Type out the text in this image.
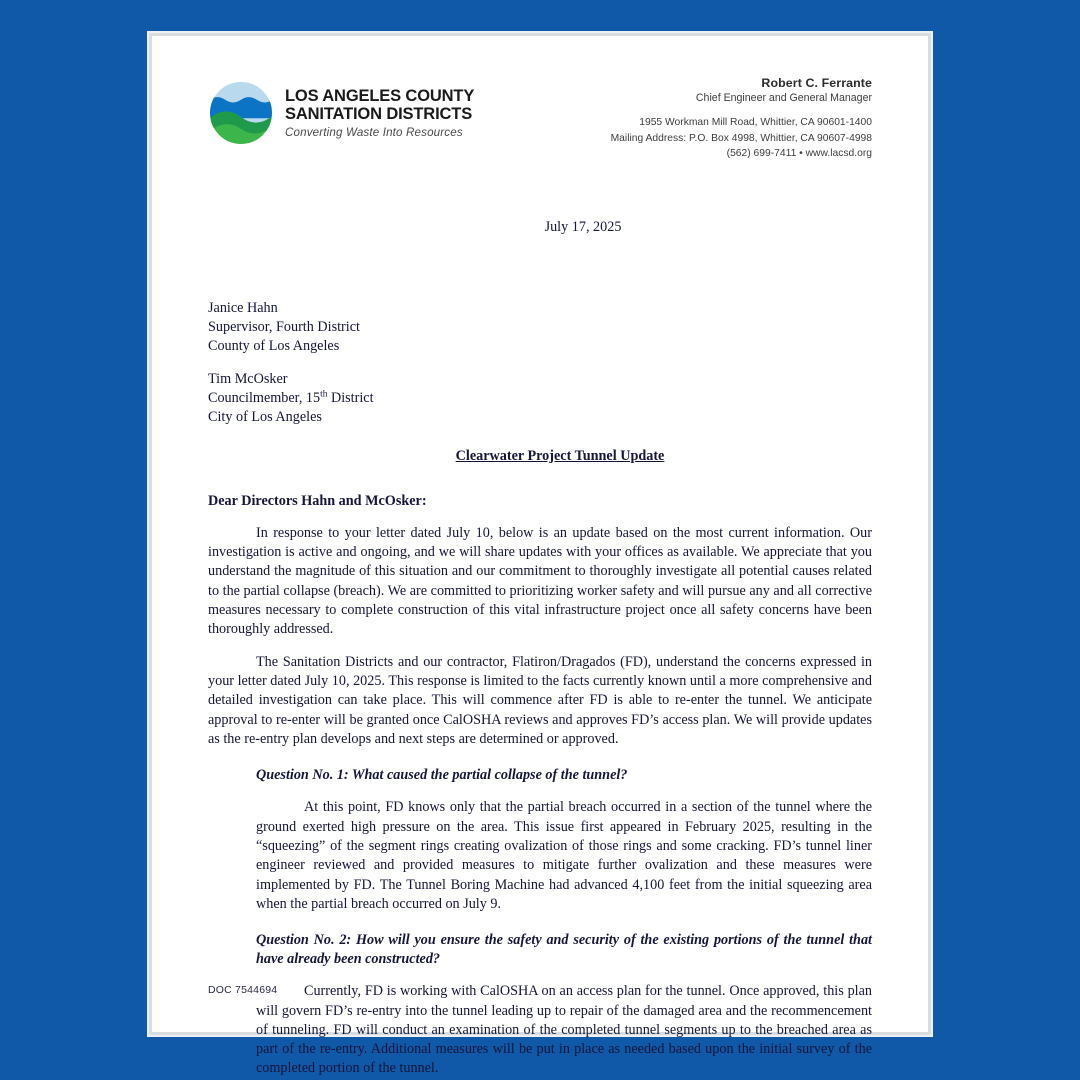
LOS ANGELES COUNTY
SANITATION DISTRICTS
Converting Waste Into Resources
Robert C. Ferrante
Chief Engineer and General Manager
1955 Workman Mill Road, Whittier, CA 90601-1400
Mailing Address: P.O. Box 4998, Whittier, CA 90607-4998
(562) 699-7411 • www.lacsd.org
July 17, 2025
Janice Hahn
Supervisor, Fourth District
County of Los Angeles
Tim McOsker
Councilmember, 15th District
City of Los Angeles
Clearwater Project Tunnel Update
Dear Directors Hahn and McOsker:

In response to your letter dated July 10, below is an update based on the most current information. Our investigation is active and ongoing, and we will share updates with your offices as available. We appreciate that you understand the magnitude of this situation and our commitment to thoroughly investigate all potential causes related to the partial collapse (breach). We are committed to prioritizing worker safety and will pursue any and all corrective measures necessary to complete construction of this vital infrastructure project once all safety concerns have been thoroughly addressed.

The Sanitation Districts and our contractor, Flatiron/Dragados (FD), understand the concerns expressed in your letter dated July 10, 2025. This response is limited to the facts currently known until a more comprehensive and detailed investigation can take place. This will commence after FD is able to re-enter the tunnel. We anticipate approval to re-enter will be granted once CalOSHA reviews and approves FD’s access plan. We will provide updates as the re-entry plan develops and next steps are determined or approved.

Question No. 1: What caused the partial collapse of the tunnel?

At this point, FD knows only that the partial breach occurred in a section of the tunnel where the ground exerted high pressure on the area. This issue first appeared in February 2025, resulting in the “squeezing” of the segment rings creating ovalization of those rings and some cracking. FD’s tunnel liner engineer reviewed and provided measures to mitigate further ovalization and these measures were implemented by FD. The Tunnel Boring Machine had advanced 4,100 feet from the initial squeezing area when the partial breach occurred on July 9.

Question No. 2: How will you ensure the safety and security of the existing portions of the tunnel that have already been constructed?

Currently, FD is working with CalOSHA on an access plan for the tunnel. Once approved, this plan will govern FD’s re-entry into the tunnel leading up to repair of the damaged area and the recommencement of tunneling. FD will conduct an examination of the completed tunnel segments up to the breached area as part of the re-entry. Additional measures will be put in place as needed based upon the initial survey of the completed portion of the tunnel.

DOC 7544694
